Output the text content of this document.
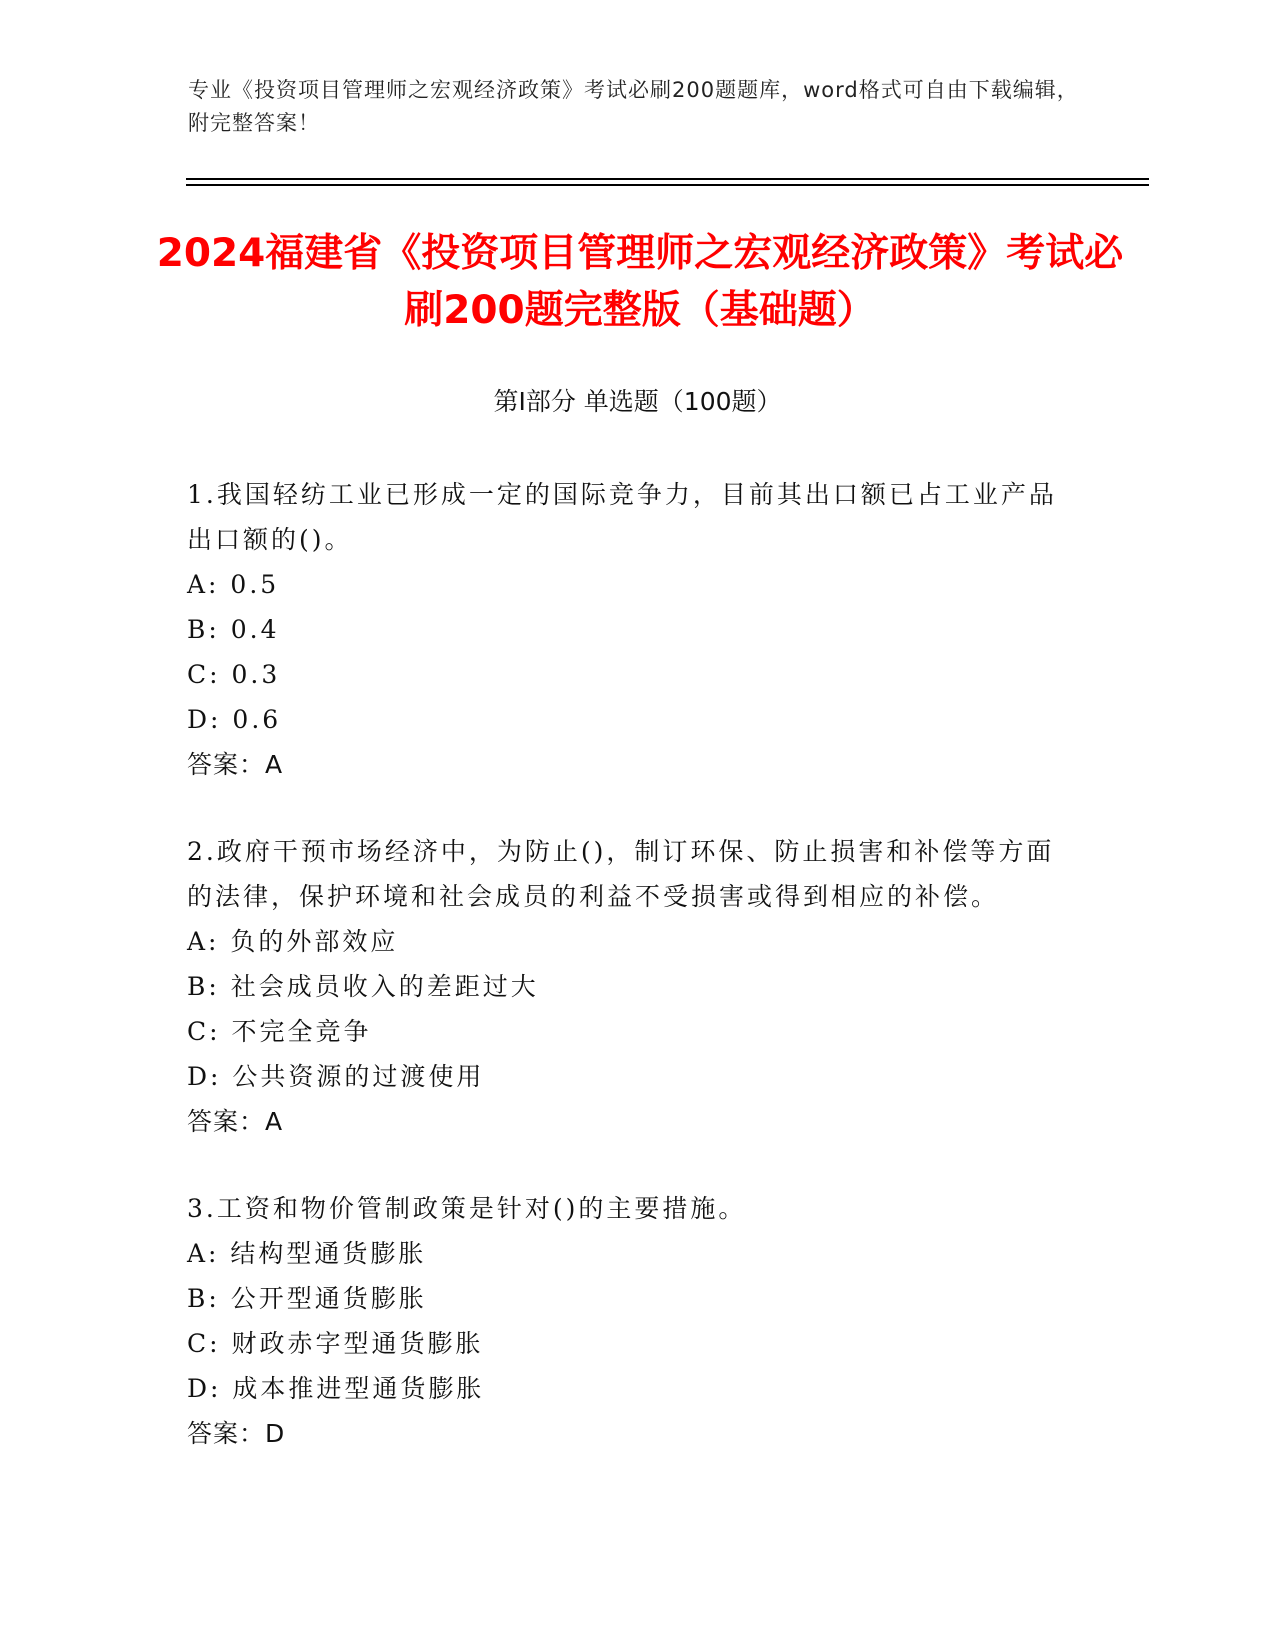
专业《投资项目管理师之宏观经济政策》考试必刷200题题库，word格式可自由下载编辑，附完整答案！
2024福建省《投资项目管理师之宏观经济政策》考试必刷200题完整版（基础题）
第I部分 单选题（100题）
1.我国轻纺工业已形成一定的国际竞争力，目前其出口额已占工业产品出口额的()。
A: 0.5
B: 0.4
C: 0.3
D: 0.6
答案：A
2.政府干预市场经济中，为防止()，制订环保、防止损害和补偿等方面的法律，保护环境和社会成员的利益不受损害或得到相应的补偿。
A: 负的外部效应
B: 社会成员收入的差距过大
C: 不完全竞争
D: 公共资源的过渡使用
答案：A
3.工资和物价管制政策是针对()的主要措施。
A: 结构型通货膨胀
B: 公开型通货膨胀
C: 财政赤字型通货膨胀
D: 成本推进型通货膨胀
答案：D
